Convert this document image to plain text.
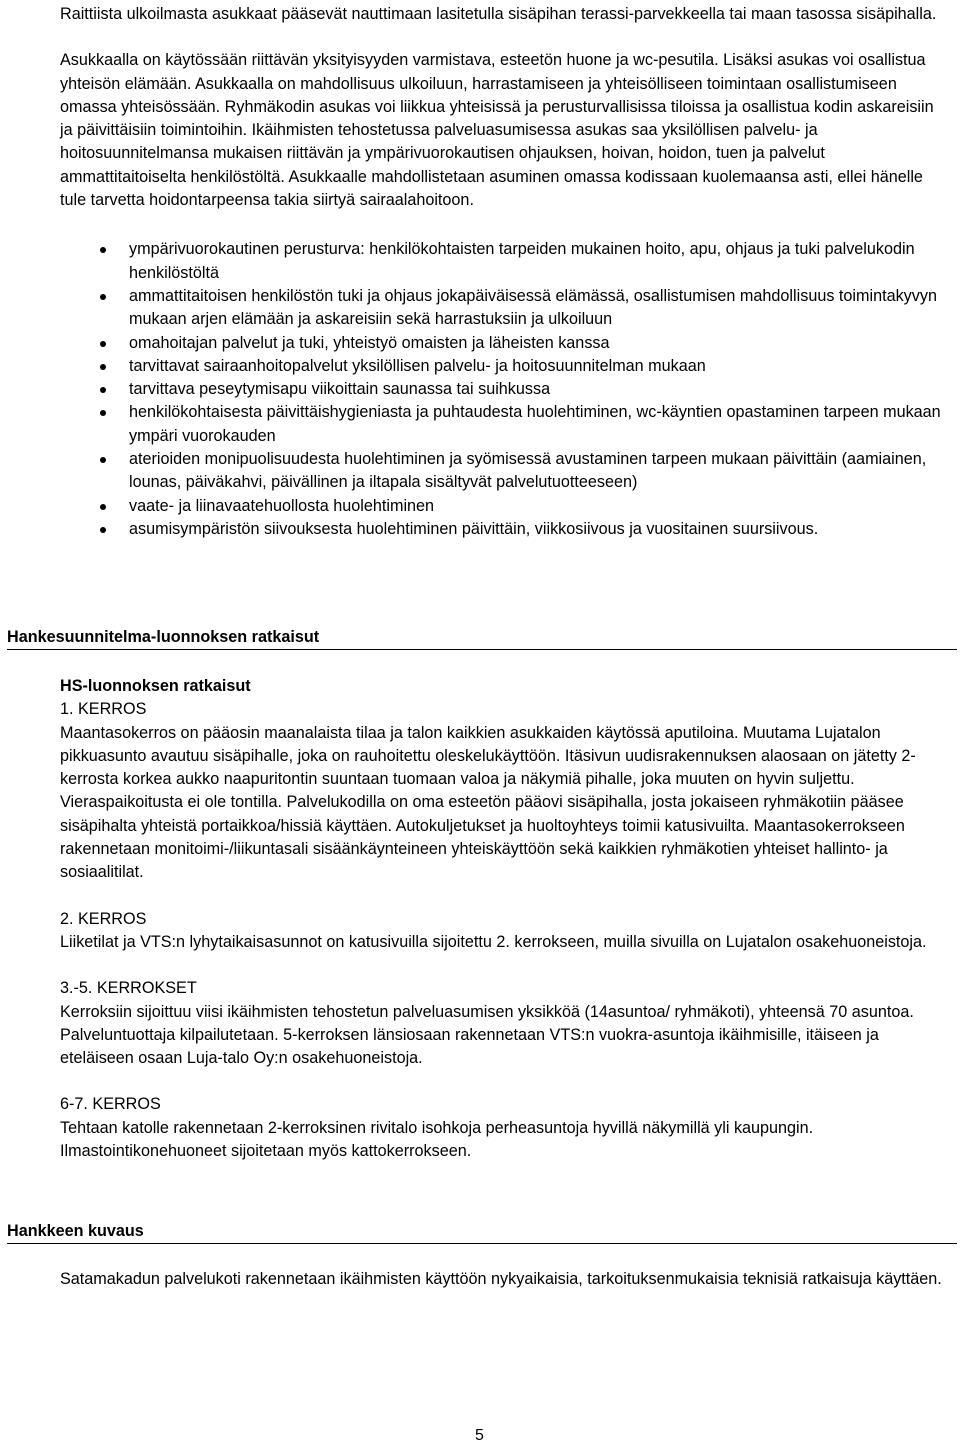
Raittiista ulkoilmasta asukkaat pääsevät nauttimaan lasitetulla sisäpihan terassi-parvekkeella tai maan tasossa sisäpihalla.

Asukkaalla on käytössään riittävän yksityisyyden varmistava, esteetön huone ja wc-pesutila. Lisäksi asukas voi osallistua yhteisön elämään. Asukkaalla on mahdollisuus ulkoiluun, harrastamiseen ja yhteisölliseen toimintaan osallistumiseen omassa yhteisössään. Ryhmäkodin asukas voi liikkua yhteisissä ja perusturvallisissa tiloissa ja osallistua kodin askareisiin ja päivittäisiin toimintoihin. Ikäihmisten tehostetussa palveluasumisessa asukas saa yksilöllisen palvelu- ja hoitosuunnitelmansa mukaisen riittävän ja ympärivuorokautisen ohjauksen, hoivan, hoidon, tuen ja palvelut ammattitaitoiselta henkilöstöltä. Asukkaalle mahdollistetaan asuminen omassa kodissaan kuolemaansa asti, ellei hänelle tule tarvetta hoidontarpeensa takia siirtyä sairaalahoitoon.

ympärivuorokautinen perusturva: henkilökohtaisten tarpeiden mukainen hoito, apu, ohjaus ja tuki palvelukodin henkilöstöltä
ammattitaitoisen henkilöstön tuki ja ohjaus jokapäiväisessä elämässä, osallistumisen mahdollisuus toimintakyvyn mukaan arjen elämään ja askareisiin sekä harrastuksiin ja ulkoiluun
omahoitajan palvelut ja tuki, yhteistyö omaisten ja läheisten kanssa
tarvittavat sairaanhoitopalvelut yksilöllisen palvelu- ja hoitosuunnitelman mukaan
tarvittava peseytymisapu viikoittain saunassa tai suihkussa
henkilökohtaisesta päivittäishygieniasta ja puhtaudesta huolehtiminen, wc-käyntien opastaminen tarpeen mukaan ympäri vuorokauden
aterioiden monipuolisuudesta huolehtiminen ja syömisessä avustaminen tarpeen mukaan päivittäin (aamiainen, lounas, päiväkahvi, päivällinen ja iltapala sisältyvät palvelutuotteeseen)
vaate- ja liinavaatehuollosta huolehtiminen
asumisympäristön siivouksesta huolehtiminen päivittäin, viikkosiivous ja vuositainen suursiivous.
Hankesuunnitelma-luonnoksen ratkaisut

HS-luonnoksen ratkaisut

1. KERROS

Maantasokerros on pääosin maanalaista tilaa ja talon kaikkien asukkaiden käytössä aputiloina. Muutama Lujatalon pikkuasunto avautuu sisäpihalle, joka on rauhoitettu oleskelukäyttöön. Itäsivun uudisrakennuksen alaosaan on jätetty 2-kerrosta korkea aukko naapuritontin suuntaan tuomaan valoa ja näkymiä pihalle, joka muuten on hyvin suljettu. Vieraspaikoitusta ei ole tontilla. Palvelukodilla on oma esteetön pääovi sisäpihalla, josta jokaiseen ryhmäkotiin pääsee sisäpihalta yhteistä portaikkoa/hissiä käyttäen. Autokuljetukset ja huoltoyhteys toimii katusivuilta. Maantasokerrokseen rakennetaan monitoimi-/liikuntasali sisäänkäynteineen yhteiskäyttöön sekä kaikkien ryhmäkotien yhteiset hallinto- ja sosiaalitilat.

2. KERROS

Liiketilat ja VTS:n lyhytaikaisasunnot on katusivuilla sijoitettu 2. kerrokseen, muilla sivuilla on Lujatalon osakehuoneistoja.

3.-5. KERROKSET

Kerroksiin sijoittuu viisi ikäihmisten tehostetun palveluasumisen yksikköä (14asuntoa/ ryhmäkoti), yhteensä 70 asuntoa. Palveluntuottaja kilpailutetaan. 5-kerroksen länsiosaan rakennetaan VTS:n vuokra-asuntoja ikäihmisille, itäiseen ja eteläiseen osaan Luja-talo Oy:n osakehuoneistoja.

6-7. KERROS

Tehtaan katolle rakennetaan 2-kerroksinen rivitalo isohkoja perheasuntoja hyvillä näkymillä yli kaupungin. Ilmastointikonehuoneet sijoitetaan myös kattokerrokseen.

Hankkeen kuvaus

Satamakadun palvelukoti rakennetaan ikäihmisten käyttöön nykyaikaisia, tarkoituksenmukaisia teknisiä ratkaisuja käyttäen.

5
